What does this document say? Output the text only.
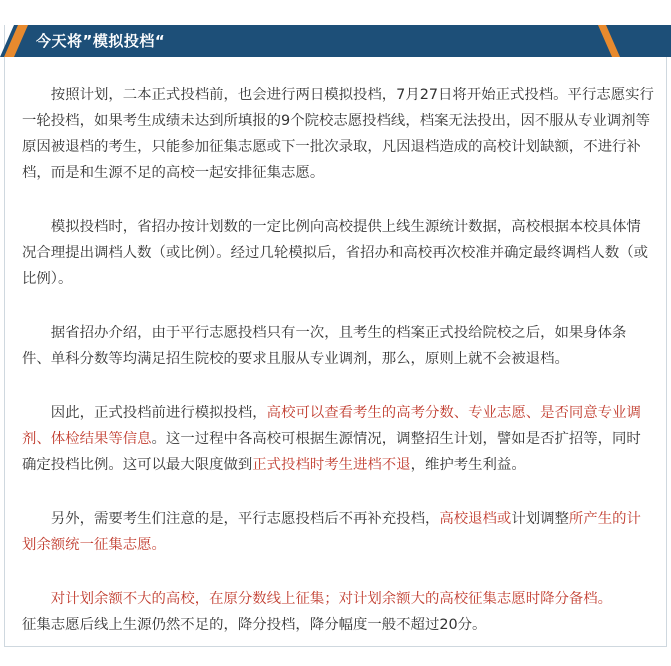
今天将”模拟投档“

按照计划，二本正式投档前，也会进行两日模拟投档，7月27日将开始正式投档。平行志愿实行一轮投档，如果考生成绩未达到所填报的9个院校志愿投档线，档案无法投出，因不服从专业调剂等原因被退档的考生，只能参加征集志愿或下一批次录取，凡因退档造成的高校计划缺额，不进行补档，而是和生源不足的高校一起安排征集志愿。

模拟投档时，省招办按计划数的一定比例向高校提供上线生源统计数据，高校根据本校具体情况合理提出调档人数（或比例）。经过几轮模拟后，省招办和高校再次校准并确定最终调档人数（或比例）。

据省招办介绍，由于平行志愿投档只有一次，且考生的档案正式投给院校之后，如果身体条件、单科分数等均满足招生院校的要求且服从专业调剂，那么，原则上就不会被退档。

因此，正式投档前进行模拟投档，高校可以查看考生的高考分数、专业志愿、是否同意专业调剂、体检结果等信息。这一过程中各高校可根据生源情况，调整招生计划，譬如是否扩招等，同时确定投档比例。这可以最大限度做到正式投档时考生进档不退，维护考生利益。

另外，需要考生们注意的是，平行志愿投档后不再补充投档，高校退档或计划调整所产生的计划余额统一征集志愿。

对计划余额不大的高校，在原分数线上征集；对计划余额大的高校征集志愿时降分备档。
征集志愿后线上生源仍然不足的，降分投档，降分幅度一般不超过20分。
